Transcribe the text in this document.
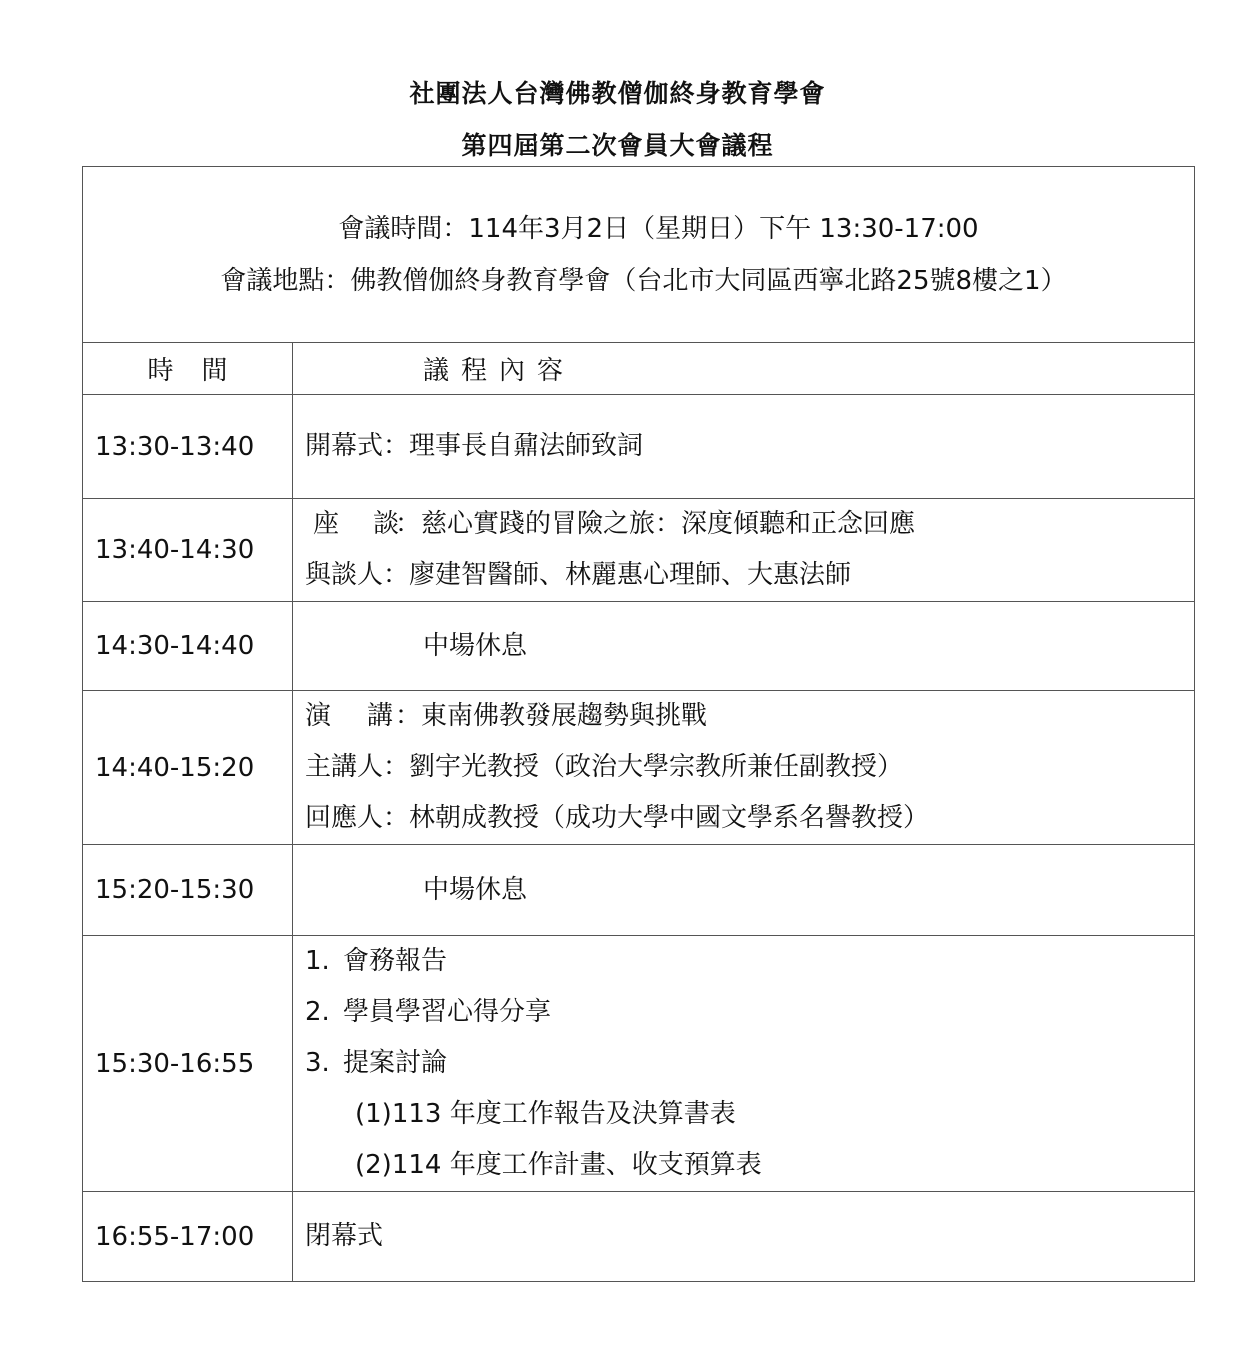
社團法人台灣佛教僧伽終身教育學會
第四屆第二次會員大會議程
會議時間：114年3月2日（星期日）下午 13:30-17:00
會議地點：佛教僧伽終身教育學會（台北市大同區西寧北路25號8樓之1）	

時 間	議 程 內 容
13:30-13:40	開幕式：理事長自鼐法師致詞

13:40-14:30	座 談：慈心實踐的冒險之旅：深度傾聽和正念回應
與談人：廖建智醫師、林麗惠心理師、大惠法師

14:30-14:40	中場休息

14:40-15:20	演 講：東南佛教發展趨勢與挑戰
主講人：劉宇光教授（政治大學宗教所兼任副教授）
回應人：林朝成教授（成功大學中國文學系名譽教授）

15:20-15:30	中場休息

15:30-16:55	1. 會務報告
2. 學員學習心得分享
3. 提案討論
(1)113 年度工作報告及決算書表
(2)114 年度工作計畫、收支預算表

16:55-17:00	閉幕式
